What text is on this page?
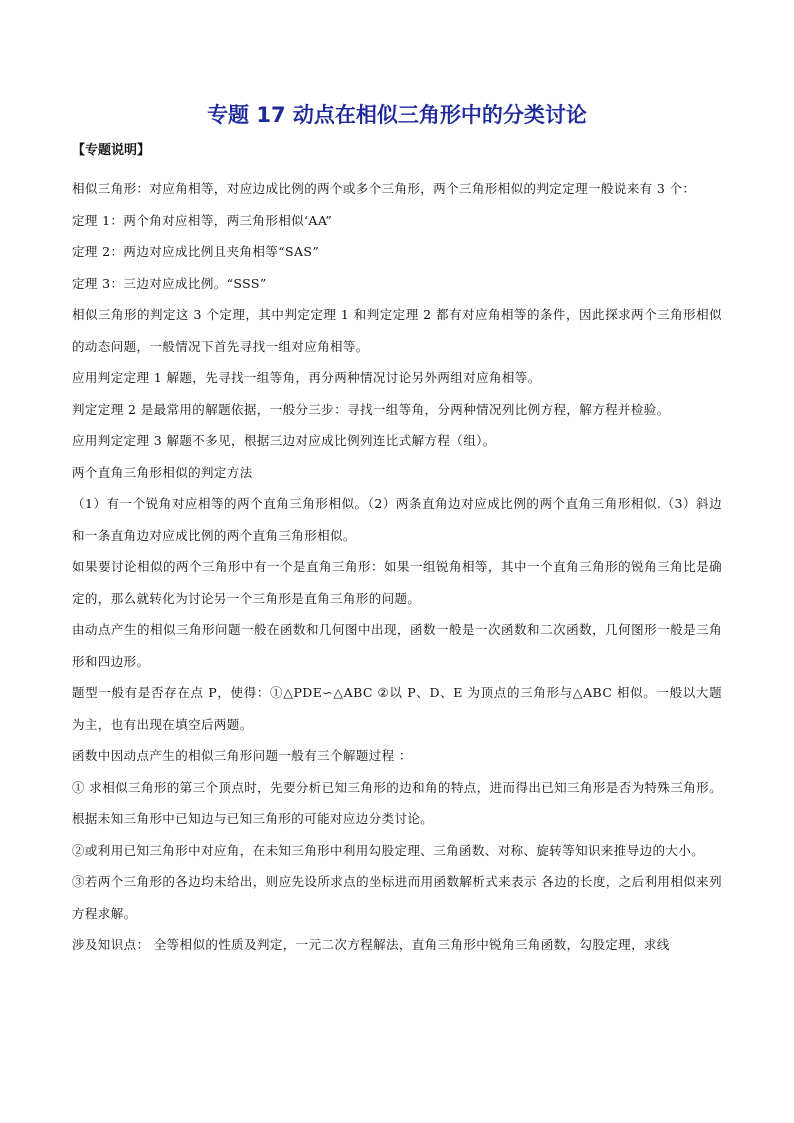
专题 17 动点在相似三角形中的分类讨论
【专题说明】

相似三角形：对应角相等，对应边成比例的两个或多个三角形，两个三角形相似的判定定理一般说来有 3 个：

定理 1：两个角对应相等，两三角形相似‘AA”

定理 2：两边对应成比例且夹角相等“SAS”

定理 3：三边对应成比例。“SSS”

相似三角形的判定这 3 个定理，其中判定定理 1 和判定定理 2 都有对应角相等的条件，因此探求两个三角形相似的动态问题，一般情况下首先寻找一组对应角相等。

应用判定定理 1 解题，先寻找一组等角，再分两种情况讨论另外两组对应角相等。

判定定理 2 是最常用的解题依据，一般分三步：寻找一组等角，分两种情况列比例方程，解方程并检验。

应用判定定理 3 解题不多见，根据三边对应成比例列连比式解方程（组）。

两个直角三角形相似的判定方法

（1）有一个锐角对应相等的两个直角三角形相似。（2）两条直角边对应成比例的两个直角三角形相似.（3）斜边和一条直角边对应成比例的两个直角三角形相似。

如果要讨论相似的两个三角形中有一个是直角三角形：如果一组锐角相等，其中一个直角三角形的锐角三角比是确定的，那么就转化为讨论另一个三角形是直角三角形的问题。

由动点产生的相似三角形问题一般在函数和几何图中出现，函数一般是一次函数和二次函数，几何图形一般是三角形和四边形。

题型一般有是否存在点 P，使得：①△PDE∽△ABC ②以 P、D、E 为顶点的三角形与△ABC 相似。一般以大题为主，也有出现在填空后两题。

函数中因动点产生的相似三角形问题一般有三个解题过程 ：

① 求相似三角形的第三个顶点时，先要分析已知三角形的边和角的特点，进而得出已知三角形是否为特殊三角形。根据未知三角形中已知边与已知三角形的可能对应边分类讨论。

②或利用已知三角形中对应角，在未知三角形中利用勾股定理、三角函数、对称、旋转等知识来推导边的大小。

③若两个三角形的各边均未给出，则应先设所求点的坐标进而用函数解析式来表示 各边的长度，之后利用相似来列方程求解。

涉及知识点： 全等相似的性质及判定，一元二次方程解法，直角三角形中锐角三角函数，勾股定理，求线
